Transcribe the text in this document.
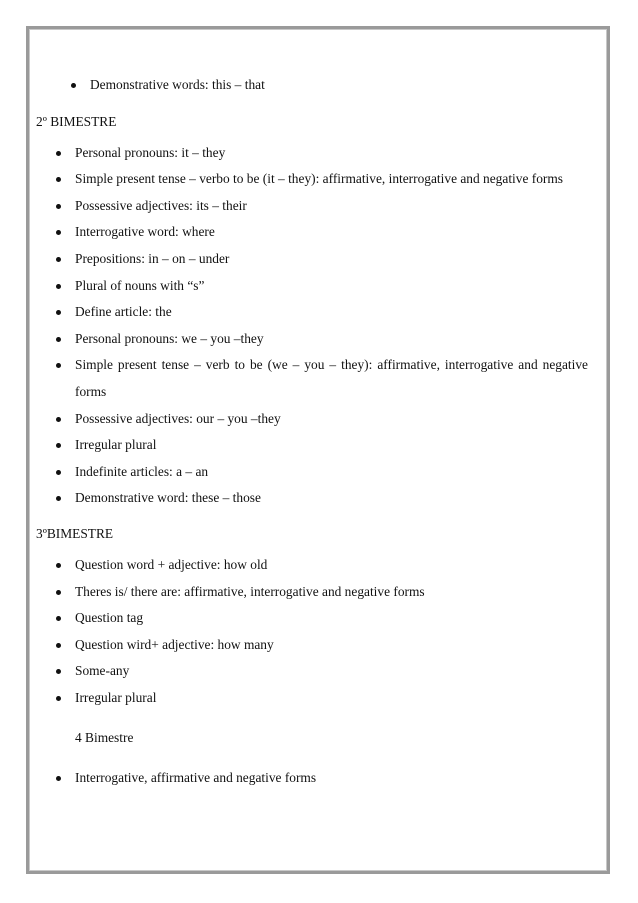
Demonstrative words: this – that
2º BIMESTRE
Personal pronouns: it – they
Simple present tense – verbo to be (it – they): affirmative, interrogative and negative forms
Possessive adjectives: its – their
Interrogative word: where
Prepositions: in – on – under
Plural of nouns with “s”
Define article: the
Personal pronouns: we – you –they
Simple present tense – verb to be (we – you – they): affirmative, interrogative and negative forms
Possessive adjectives: our – you –they
Irregular plural
Indefinite articles: a – an
Demonstrative word: these – those
3ºBIMESTRE
Question word + adjective: how old
Theres is/ there are: affirmative, interrogative and negative forms
Question tag
Question wird+ adjective: how many
Some-any
Irregular plural
4 Bimestre
Interrogative, affirmative and negative forms
